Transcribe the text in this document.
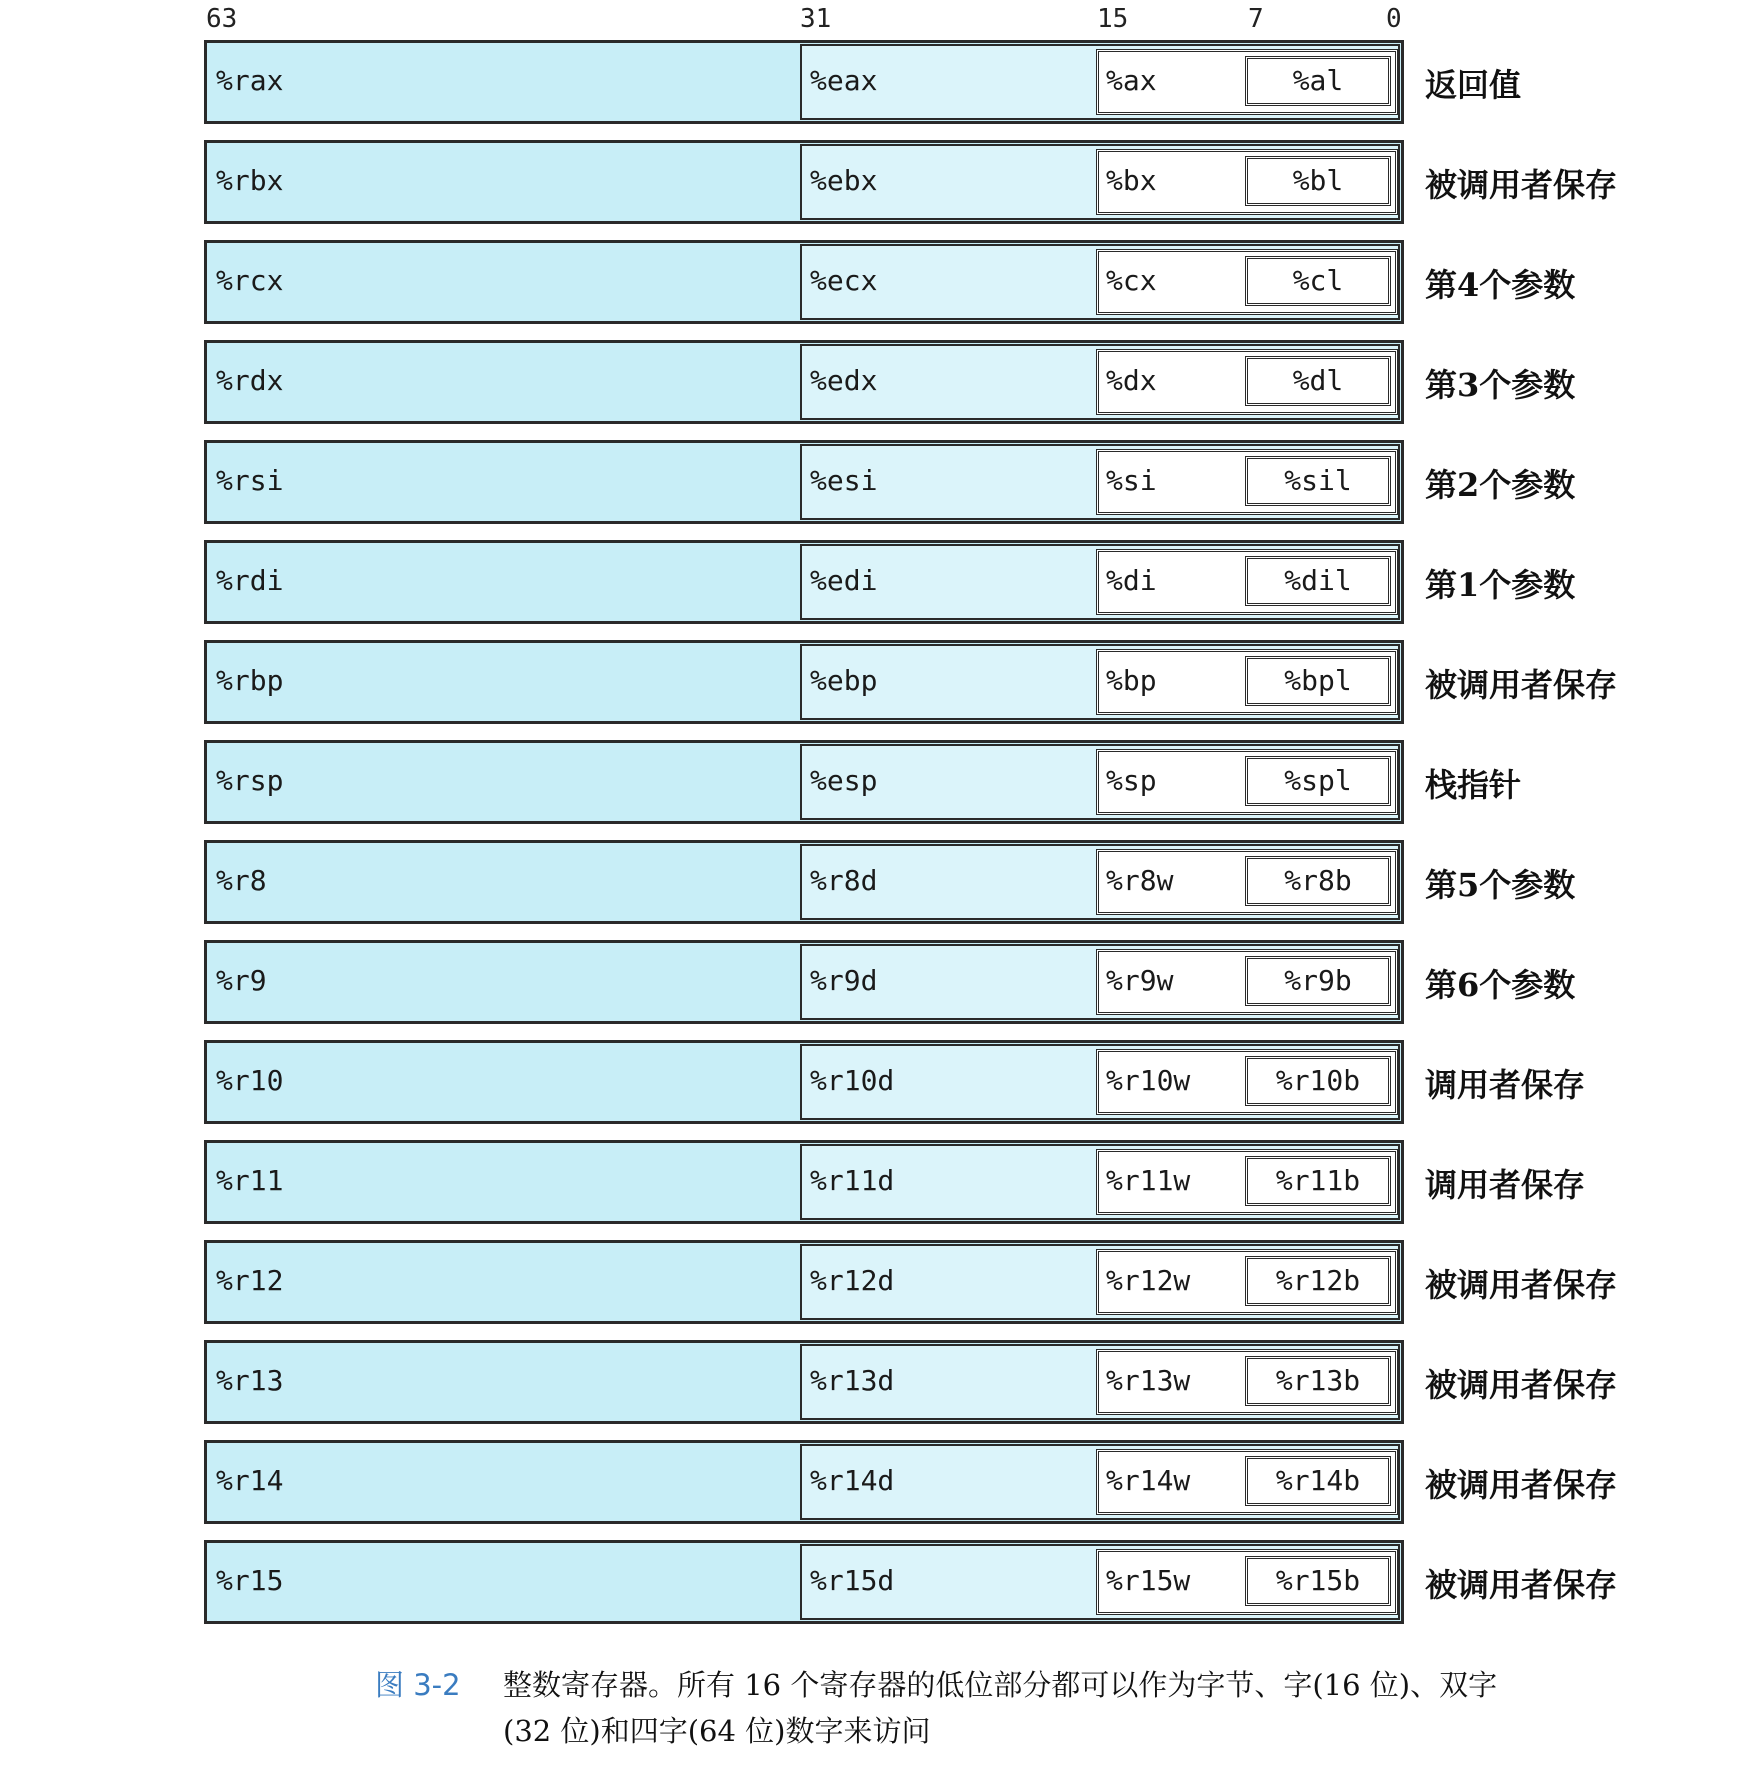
63	31	15	7	0
%rax	%eax	%ax	%al	返回值
%rbx	%ebx	%bx	%bl	被调用者保存
%rcx	%ecx	%cx	%cl	第4个参数
%rdx	%edx	%dx	%dl	第3个参数
%rsi	%esi	%si	%sil	第2个参数
%rdi	%edi	%di	%dil	第1个参数
%rbp	%ebp	%bp	%bpl	被调用者保存
%rsp	%esp	%sp	%spl	栈指针
%r8	%r8d	%r8w	%r8b	第5个参数
%r9	%r9d	%r9w	%r9b	第6个参数
%r10	%r10d	%r10w	%r10b	调用者保存
%r11	%r11d	%r11w	%r11b	调用者保存
%r12	%r12d	%r12w	%r12b	被调用者保存
%r13	%r13d	%r13w	%r13b	被调用者保存
%r14	%r14d	%r14w	%r14b	被调用者保存
%r15	%r15d	%r15w	%r15b	被调用者保存
图 3-2 整数寄存器。所有 16 个寄存器的低位部分都可以作为字节、字(16 位)、双字(32 位)和四字(64 位)数字来访问
